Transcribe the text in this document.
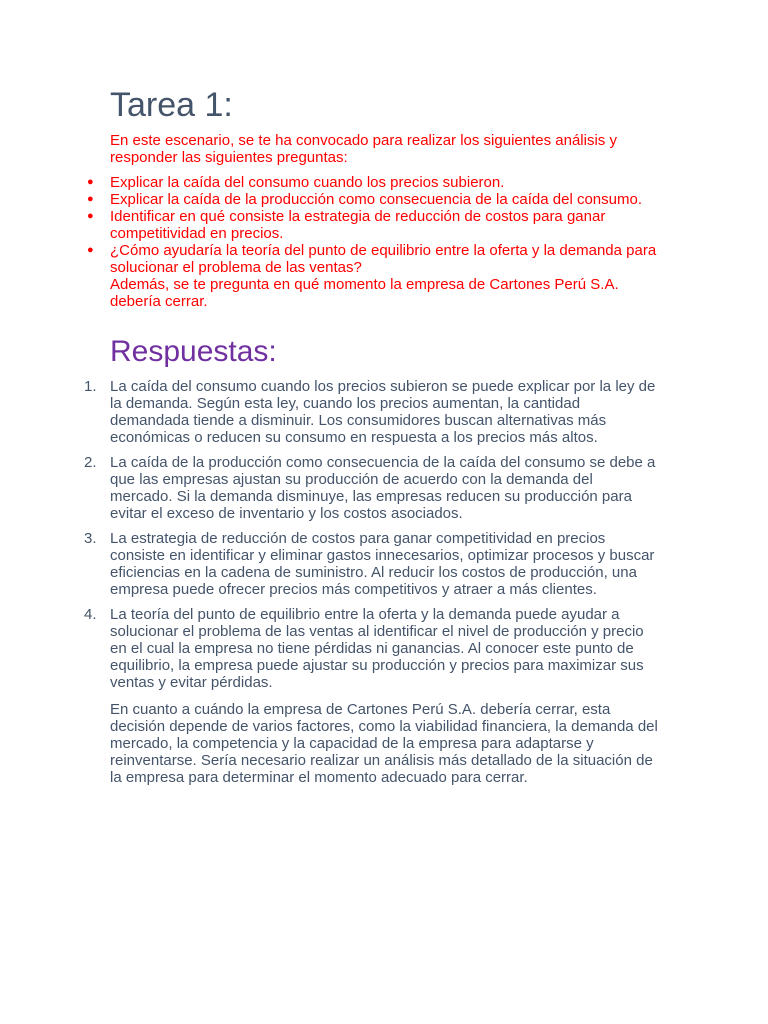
Tarea 1:

En este escenario, se te ha convocado para realizar los siguientes análisis y responder las siguientes preguntas:

● Explicar la caída del consumo cuando los precios subieron.
● Explicar la caída de la producción como consecuencia de la caída del consumo.
● Identificar en qué consiste la estrategia de reducción de costos para ganar competitividad en precios.
● ¿Cómo ayudaría la teoría del punto de equilibrio entre la oferta y la demanda para solucionar el problema de las ventas?
Además, se te pregunta en qué momento la empresa de Cartones Perú S.A. debería cerrar.
Respuestas:
1. La caída del consumo cuando los precios subieron se puede explicar por la ley de la demanda. Según esta ley, cuando los precios aumentan, la cantidad demandada tiende a disminuir. Los consumidores buscan alternativas más económicas o reducen su consumo en respuesta a los precios más altos.

2. La caída de la producción como consecuencia de la caída del consumo se debe a que las empresas ajustan su producción de acuerdo con la demanda del mercado. Si la demanda disminuye, las empresas reducen su producción para evitar el exceso de inventario y los costos asociados.

3. La estrategia de reducción de costos para ganar competitividad en precios consiste en identificar y eliminar gastos innecesarios, optimizar procesos y buscar eficiencias en la cadena de suministro. Al reducir los costos de producción, una empresa puede ofrecer precios más competitivos y atraer a más clientes.

4. La teoría del punto de equilibrio entre la oferta y la demanda puede ayudar a solucionar el problema de las ventas al identificar el nivel de producción y precio en el cual la empresa no tiene pérdidas ni ganancias. Al conocer este punto de equilibrio, la empresa puede ajustar su producción y precios para maximizar sus ventas y evitar pérdidas.

En cuanto a cuándo la empresa de Cartones Perú S.A. debería cerrar, esta decisión depende de varios factores, como la viabilidad financiera, la demanda del mercado, la competencia y la capacidad de la empresa para adaptarse y reinventarse. Sería necesario realizar un análisis más detallado de la situación de la empresa para determinar el momento adecuado para cerrar.
